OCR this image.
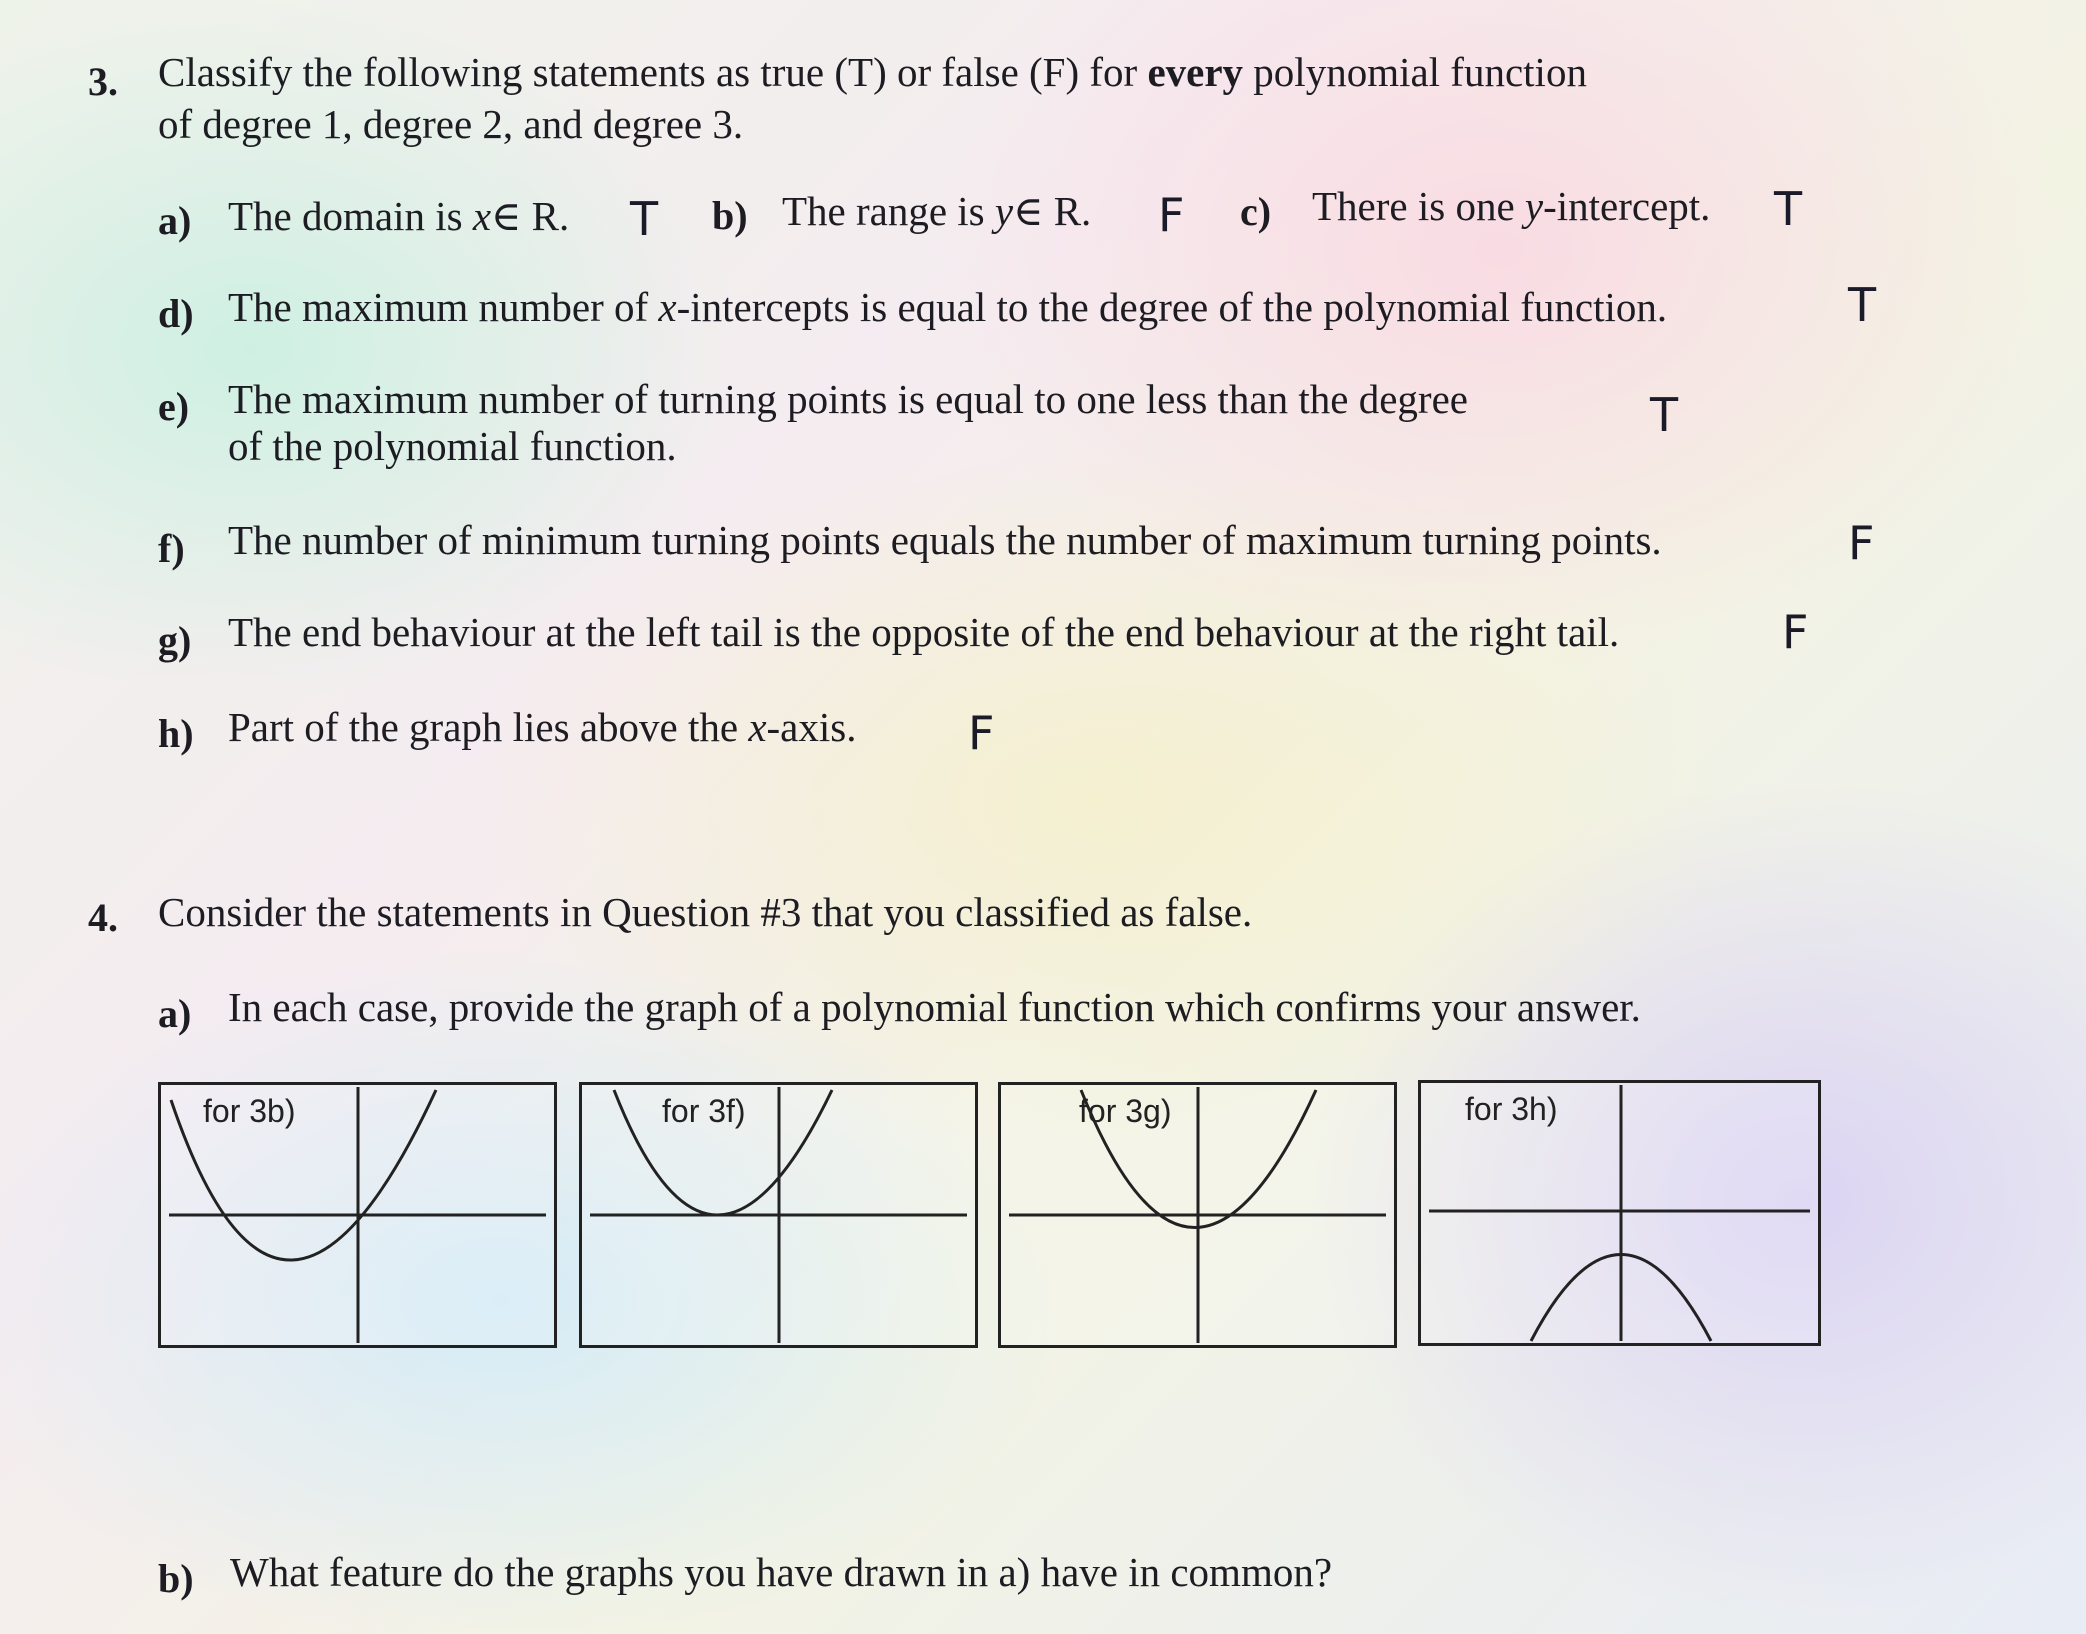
3. Classify the following statements as true (T) or false (F) for every polynomial function
of degree 1, degree 2, and degree 3.
a) The domain is x∈ R. T b) The range is y∈ R. F c) There is one y-intercept. T
d) The maximum number of x-intercepts is equal to the degree of the polynomial function.	T
e) The maximum number of turning points is equal to one less than the degree
of the polynomial function.
T
f) The number of minimum turning points equals the number of maximum turning points.	F
g) The end behaviour at the left tail is the opposite of the end behaviour at the right tail.	F
h) Part of the graph lies above the x-axis. F
4. Consider the statements in Question #3 that you classified as false.
a) In each case, provide the graph of a polynomial function which confirms your answer.
for 3b)	for 3f)	for 3g)	for 3h)
b) What feature do the graphs you have drawn in a) have in common?
